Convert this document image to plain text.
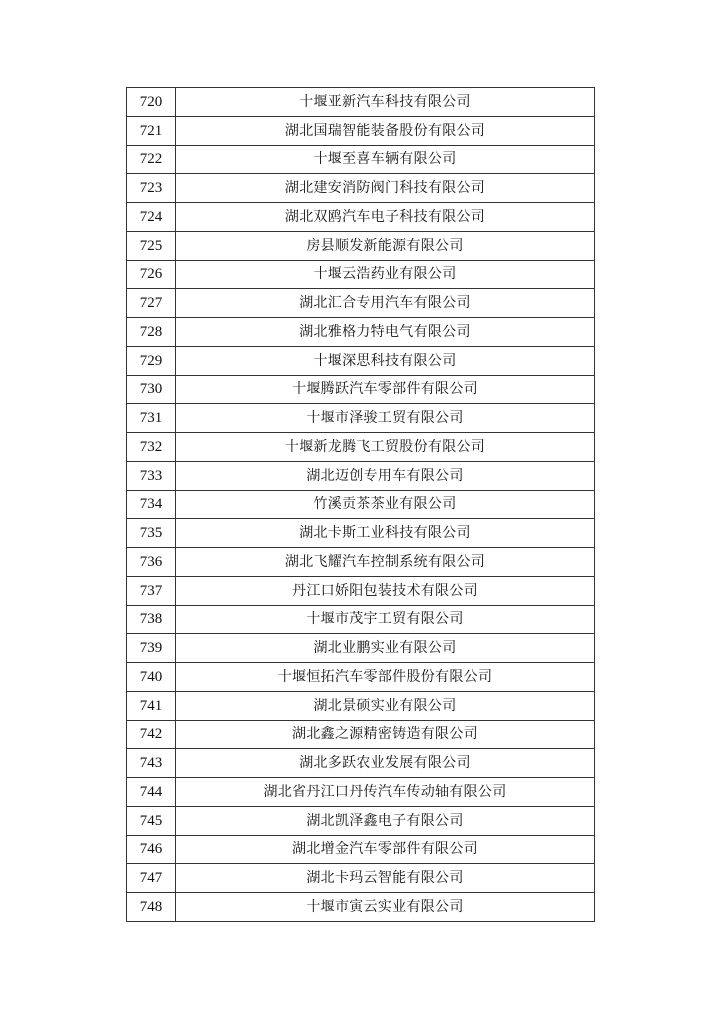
720	十堰亚新汽车科技有限公司
721	湖北国瑞智能装备股份有限公司
722	十堰至喜车辆有限公司
723	湖北建安消防阀门科技有限公司
724	湖北双鸥汽车电子科技有限公司
725	房县顺发新能源有限公司
726	十堰云浩药业有限公司
727	湖北汇合专用汽车有限公司
728	湖北雅格力特电气有限公司
729	十堰深思科技有限公司
730	十堰腾跃汽车零部件有限公司
731	十堰市泽骏工贸有限公司
732	十堰新龙腾飞工贸股份有限公司
733	湖北迈创专用车有限公司
734	竹溪贡茶茶业有限公司
735	湖北卡斯工业科技有限公司
736	湖北飞耀汽车控制系统有限公司
737	丹江口娇阳包装技术有限公司
738	十堰市茂宇工贸有限公司
739	湖北业鹏实业有限公司
740	十堰恒拓汽车零部件股份有限公司
741	湖北景硕实业有限公司
742	湖北鑫之源精密铸造有限公司
743	湖北多跃农业发展有限公司
744	湖北省丹江口丹传汽车传动轴有限公司
745	湖北凯泽鑫电子有限公司
746	湖北增金汽车零部件有限公司
747	湖北卡玛云智能有限公司
748	十堰市寅云实业有限公司
